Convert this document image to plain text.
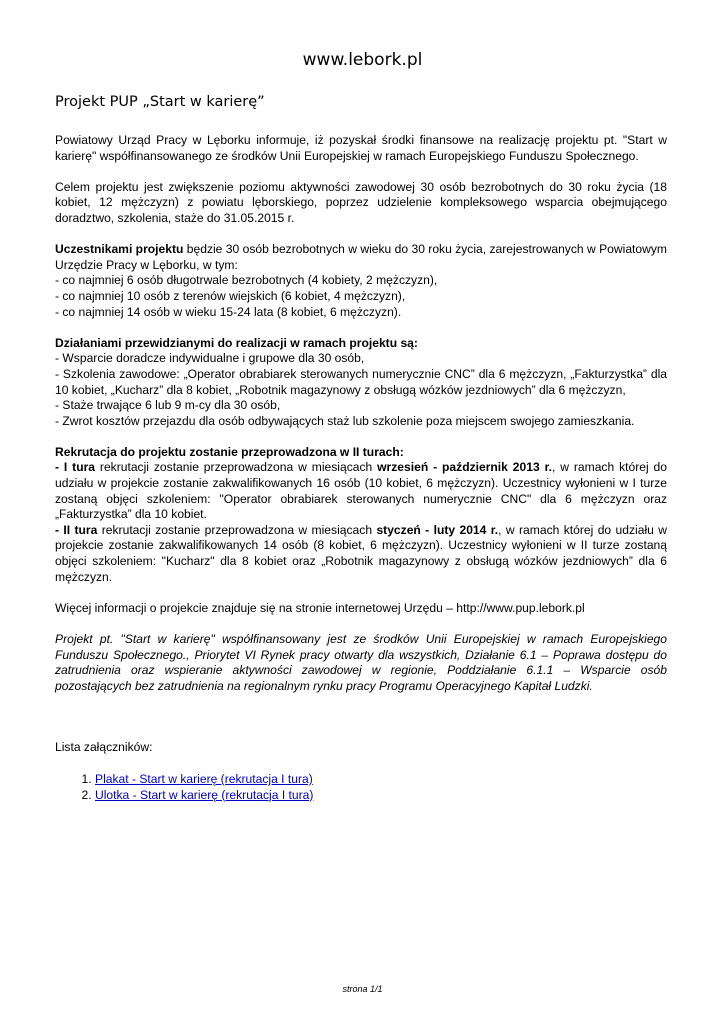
www.lebork.pl
Projekt PUP „Start w karierę”

Powiatowy Urząd Pracy w Lęborku informuje, iż pozyskał środki finansowe na realizację projektu pt. "Start w karierę" współfinansowanego ze środków Unii Europejskiej w ramach Europejskiego Funduszu Społecznego.

Celem projektu jest zwiększenie poziomu aktywności zawodowej 30 osób bezrobotnych do 30 roku życia (18 kobiet, 12 mężczyzn) z powiatu lęborskiego, poprzez udzielenie kompleksowego wsparcia obejmującego doradztwo, szkolenia, staże do 31.05.2015 r.

Uczestnikami projektu będzie 30 osób bezrobotnych w wieku do 30 roku życia, zarejestrowanych w Powiatowym Urzędzie Pracy w Lęborku, w tym:
- co najmniej 6 osób długotrwale bezrobotnych (4 kobiety, 2 mężczyzn),
- co najmniej 10 osób z terenów wiejskich (6 kobiet, 4 mężczyzn),
- co najmniej 14 osób w wieku 15-24 lata (8 kobiet, 6 mężczyzn).
Działaniami przewidzianymi do realizacji w ramach projektu są:
- Wsparcie doradcze indywidualne i grupowe dla 30 osób,
- Szkolenia zawodowe: „Operator obrabiarek sterowanych numerycznie CNC” dla 6 mężczyzn, „Fakturzystka” dla 10 kobiet, „Kucharz” dla 8 kobiet, „Robotnik magazynowy z obsługą wózków jezdniowych” dla 6 mężczyzn,
- Staże trwające 6 lub 9 m-cy dla 30 osób,
- Zwrot kosztów przejazdu dla osób odbywających staż lub szkolenie poza miejscem swojego zamieszkania.
Rekrutacja do projektu zostanie przeprowadzona w II turach:
- I tura rekrutacji zostanie przeprowadzona w miesiącach wrzesień - październik 2013 r., w ramach której do udziału w projekcie zostanie zakwalifikowanych 16 osób (10 kobiet, 6 mężczyzn). Uczestnicy wyłonieni w I turze zostaną objęci szkoleniem: "Operator obrabiarek sterowanych numerycznie CNC" dla 6 mężczyzn oraz „Fakturzystka” dla 10 kobiet.
- II tura rekrutacji zostanie przeprowadzona w miesiącach styczeń - luty 2014 r., w ramach której do udziału w projekcie zostanie zakwalifikowanych 14 osób (8 kobiet, 6 mężczyzn). Uczestnicy wyłonieni w II turze zostaną objęci szkoleniem: "Kucharz" dla 8 kobiet oraz „Robotnik magazynowy z obsługą wózków jezdniowych” dla 6 mężczyzn.

Więcej informacji o projekcie znajduje się na stronie internetowej Urzędu – http://www.pup.lebork.pl

Projekt pt. "Start w karierę" współfinansowany jest ze środków Unii Europejskiej w ramach Europejskiego Funduszu Społecznego., Priorytet VI Rynek pracy otwarty dla wszystkich, Działanie 6.1 – Poprawa dostępu do zatrudnienia oraz wspieranie aktywności zawodowej w regionie, Poddziałanie 6.1.1 – Wsparcie osób pozostających bez zatrudnienia na regionalnym rynku pracy Programu Operacyjnego Kapitał Ludzki.

Lista załączników:
1. Plakat - Start w karierę (rekrutacja I tura)
2. Ulotka - Start w karierę (rekrutacja I tura)
strona 1/1
